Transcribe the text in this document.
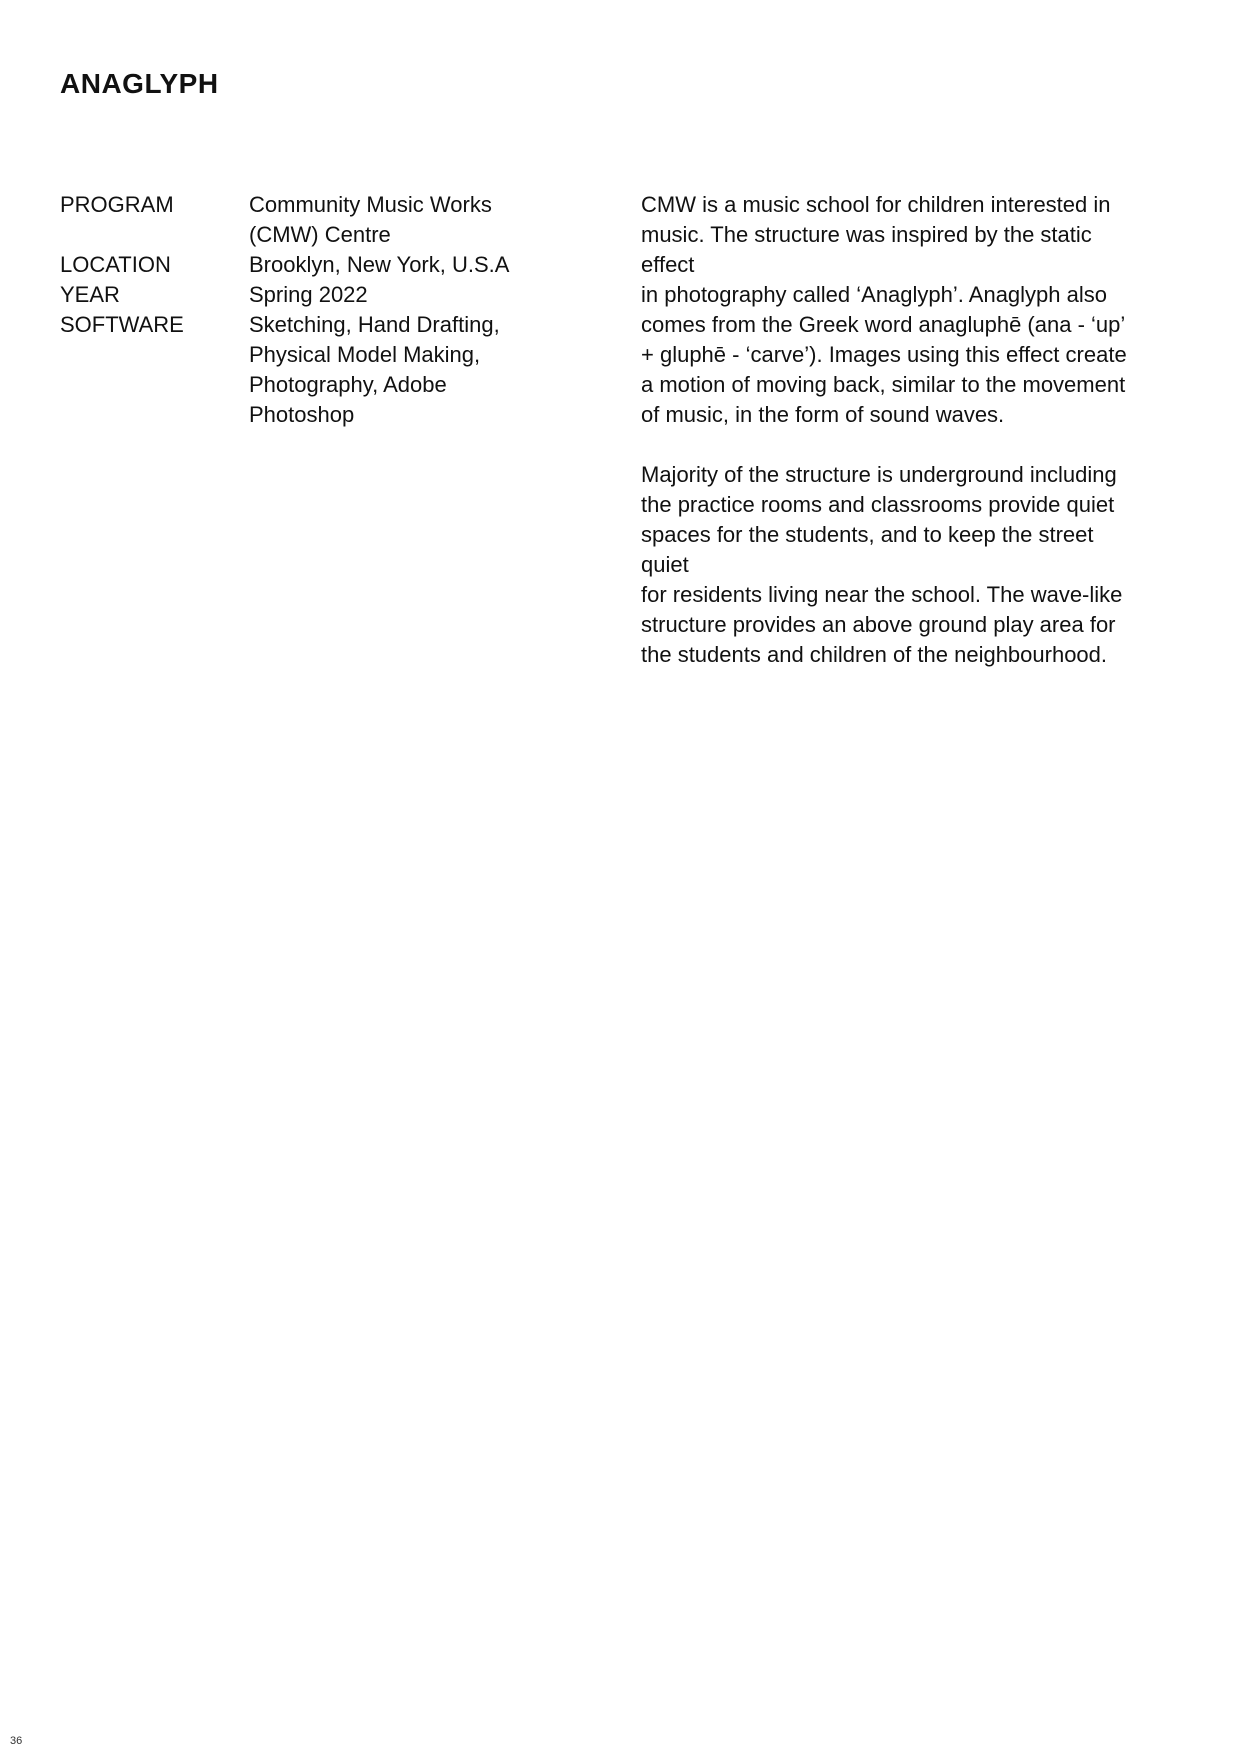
ANAGLYPH
PROGRAM	Community Music Works
(CMW) Centre
LOCATION	Brooklyn, New York, U.S.A
YEAR	Spring 2022
SOFTWARE	Sketching, Hand Drafting,
Physical Model Making,
Photography, Adobe
Photoshop

CMW is a music school for children interested in
music. The structure was inspired by the static effect
in photography called ‘Anaglyph’. Anaglyph also
comes from the Greek word anagluphē (ana - ‘up’
+ gluphē - ‘carve’). Images using this effect create
a motion of moving back, similar to the movement
of music, in the form of sound waves.

Majority of the structure is underground including
the practice rooms and classrooms provide quiet
spaces for the students, and to keep the street quiet
for residents living near the school. The wave-like
structure provides an above ground play area for
the students and children of the neighbourhood.

36
